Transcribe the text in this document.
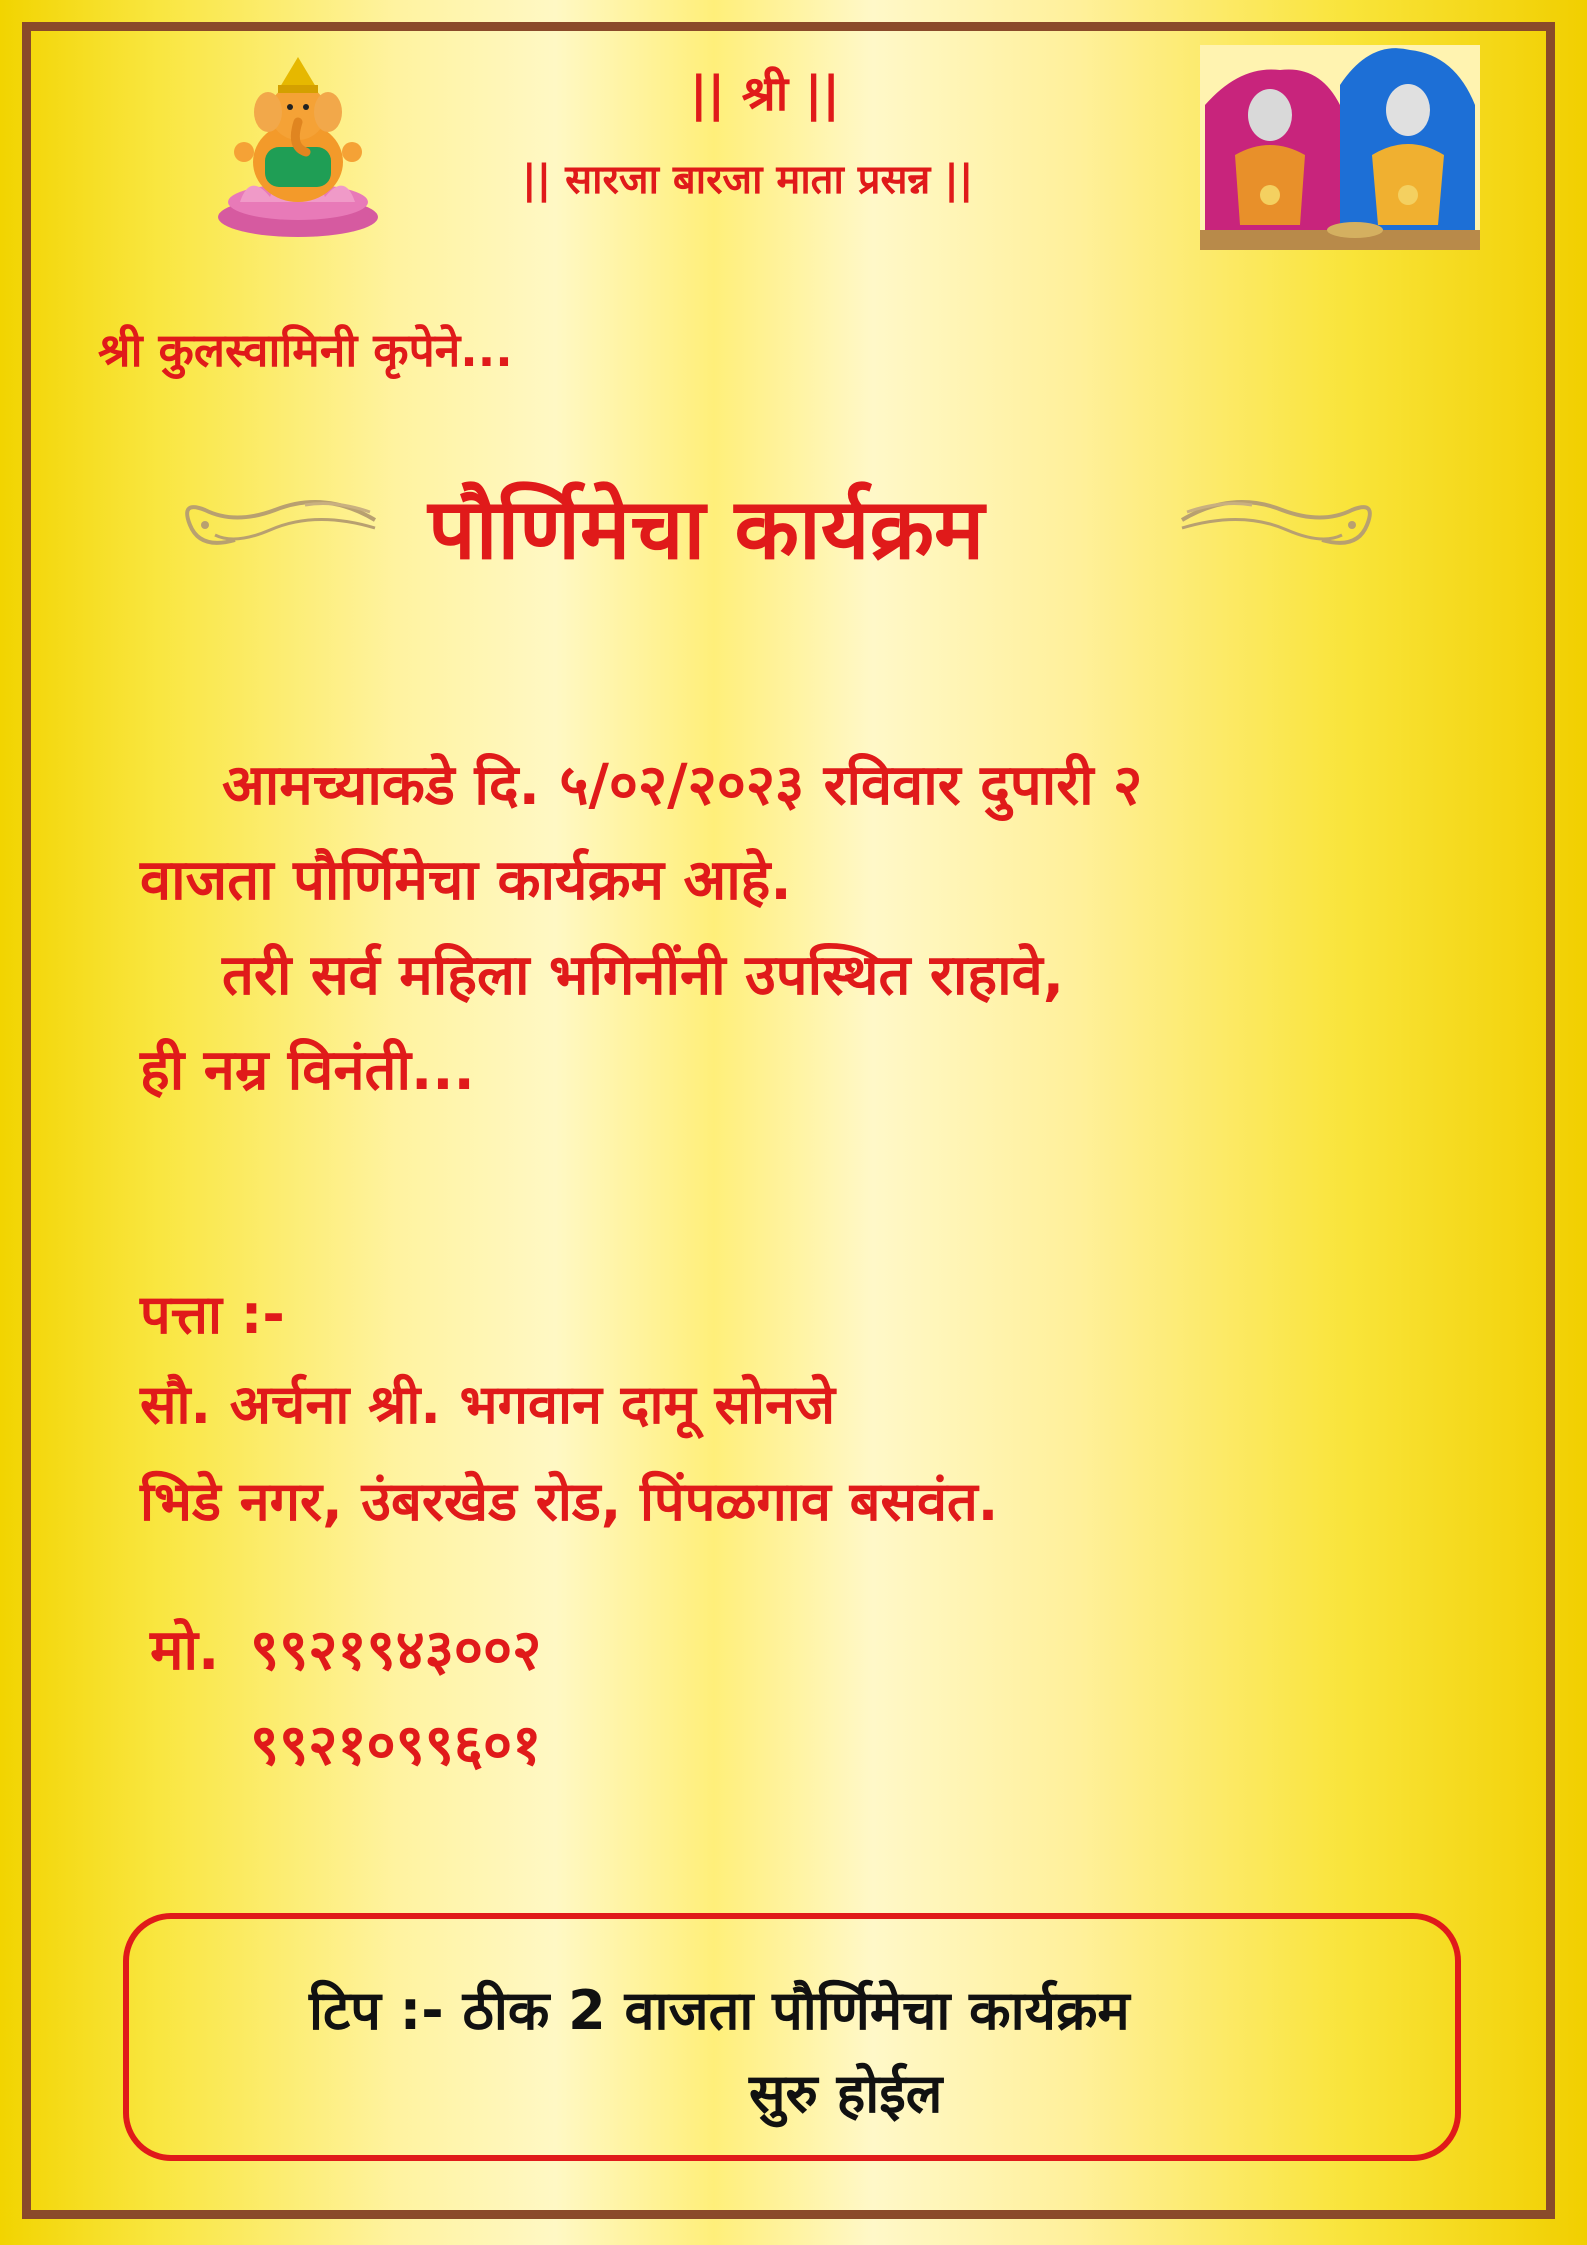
|| श्री ||
|| सारजा बारजा माता प्रसन्न ||
श्री कुलस्वामिनी कृपेने...
पौर्णिमेचा कार्यक्रम
आमच्याकडे दि. ५/०२/२०२३ रविवार दुपारी २
वाजता पौर्णिमेचा कार्यक्रम आहे.
तरी सर्व महिला भगिनींनी उपस्थित राहावे,
ही नम्र विनंती...
पत्ता :-
सौ. अर्चना श्री. भगवान दामू सोनजे
भिडे नगर, उंबरखेड रोड, पिंपळगाव बसवंत.
मो. ९९२१९४३००२
९९२१०९९६०१
टिप :- ठीक 2 वाजता पौर्णिमेचा कार्यक्रम
सुरु होईल
